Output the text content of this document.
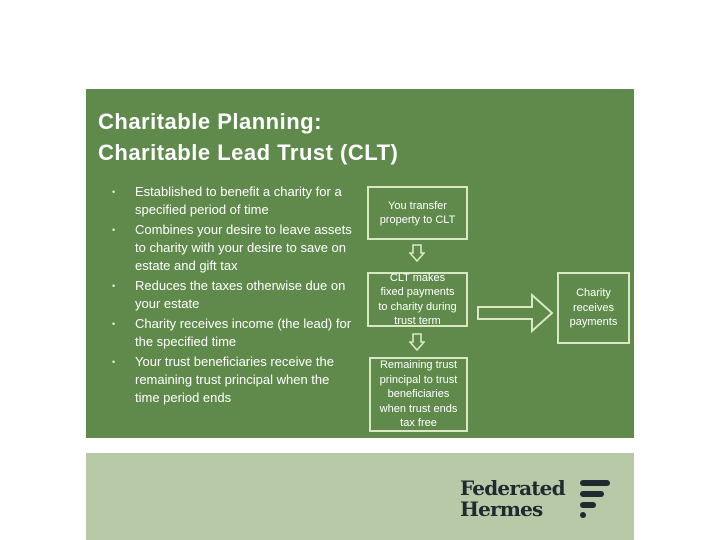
Charitable Planning:
Charitable Lead Trust (CLT)
• Established to benefit a charity for a specified period of time
• Combines your desire to leave assets to charity with your desire to save on estate and gift tax
• Reduces the taxes otherwise due on your estate
• Charity receives income (the lead) for the specified time
• Your trust beneficiaries receive the remaining trust principal when the time period ends
You transfer
property to CLT
CLT makes
fixed payments
to charity during
trust term
Charity
receives
payments
Remaining trust
principal to trust
beneficiaries
when trust ends
tax free
Federated
Hermes
